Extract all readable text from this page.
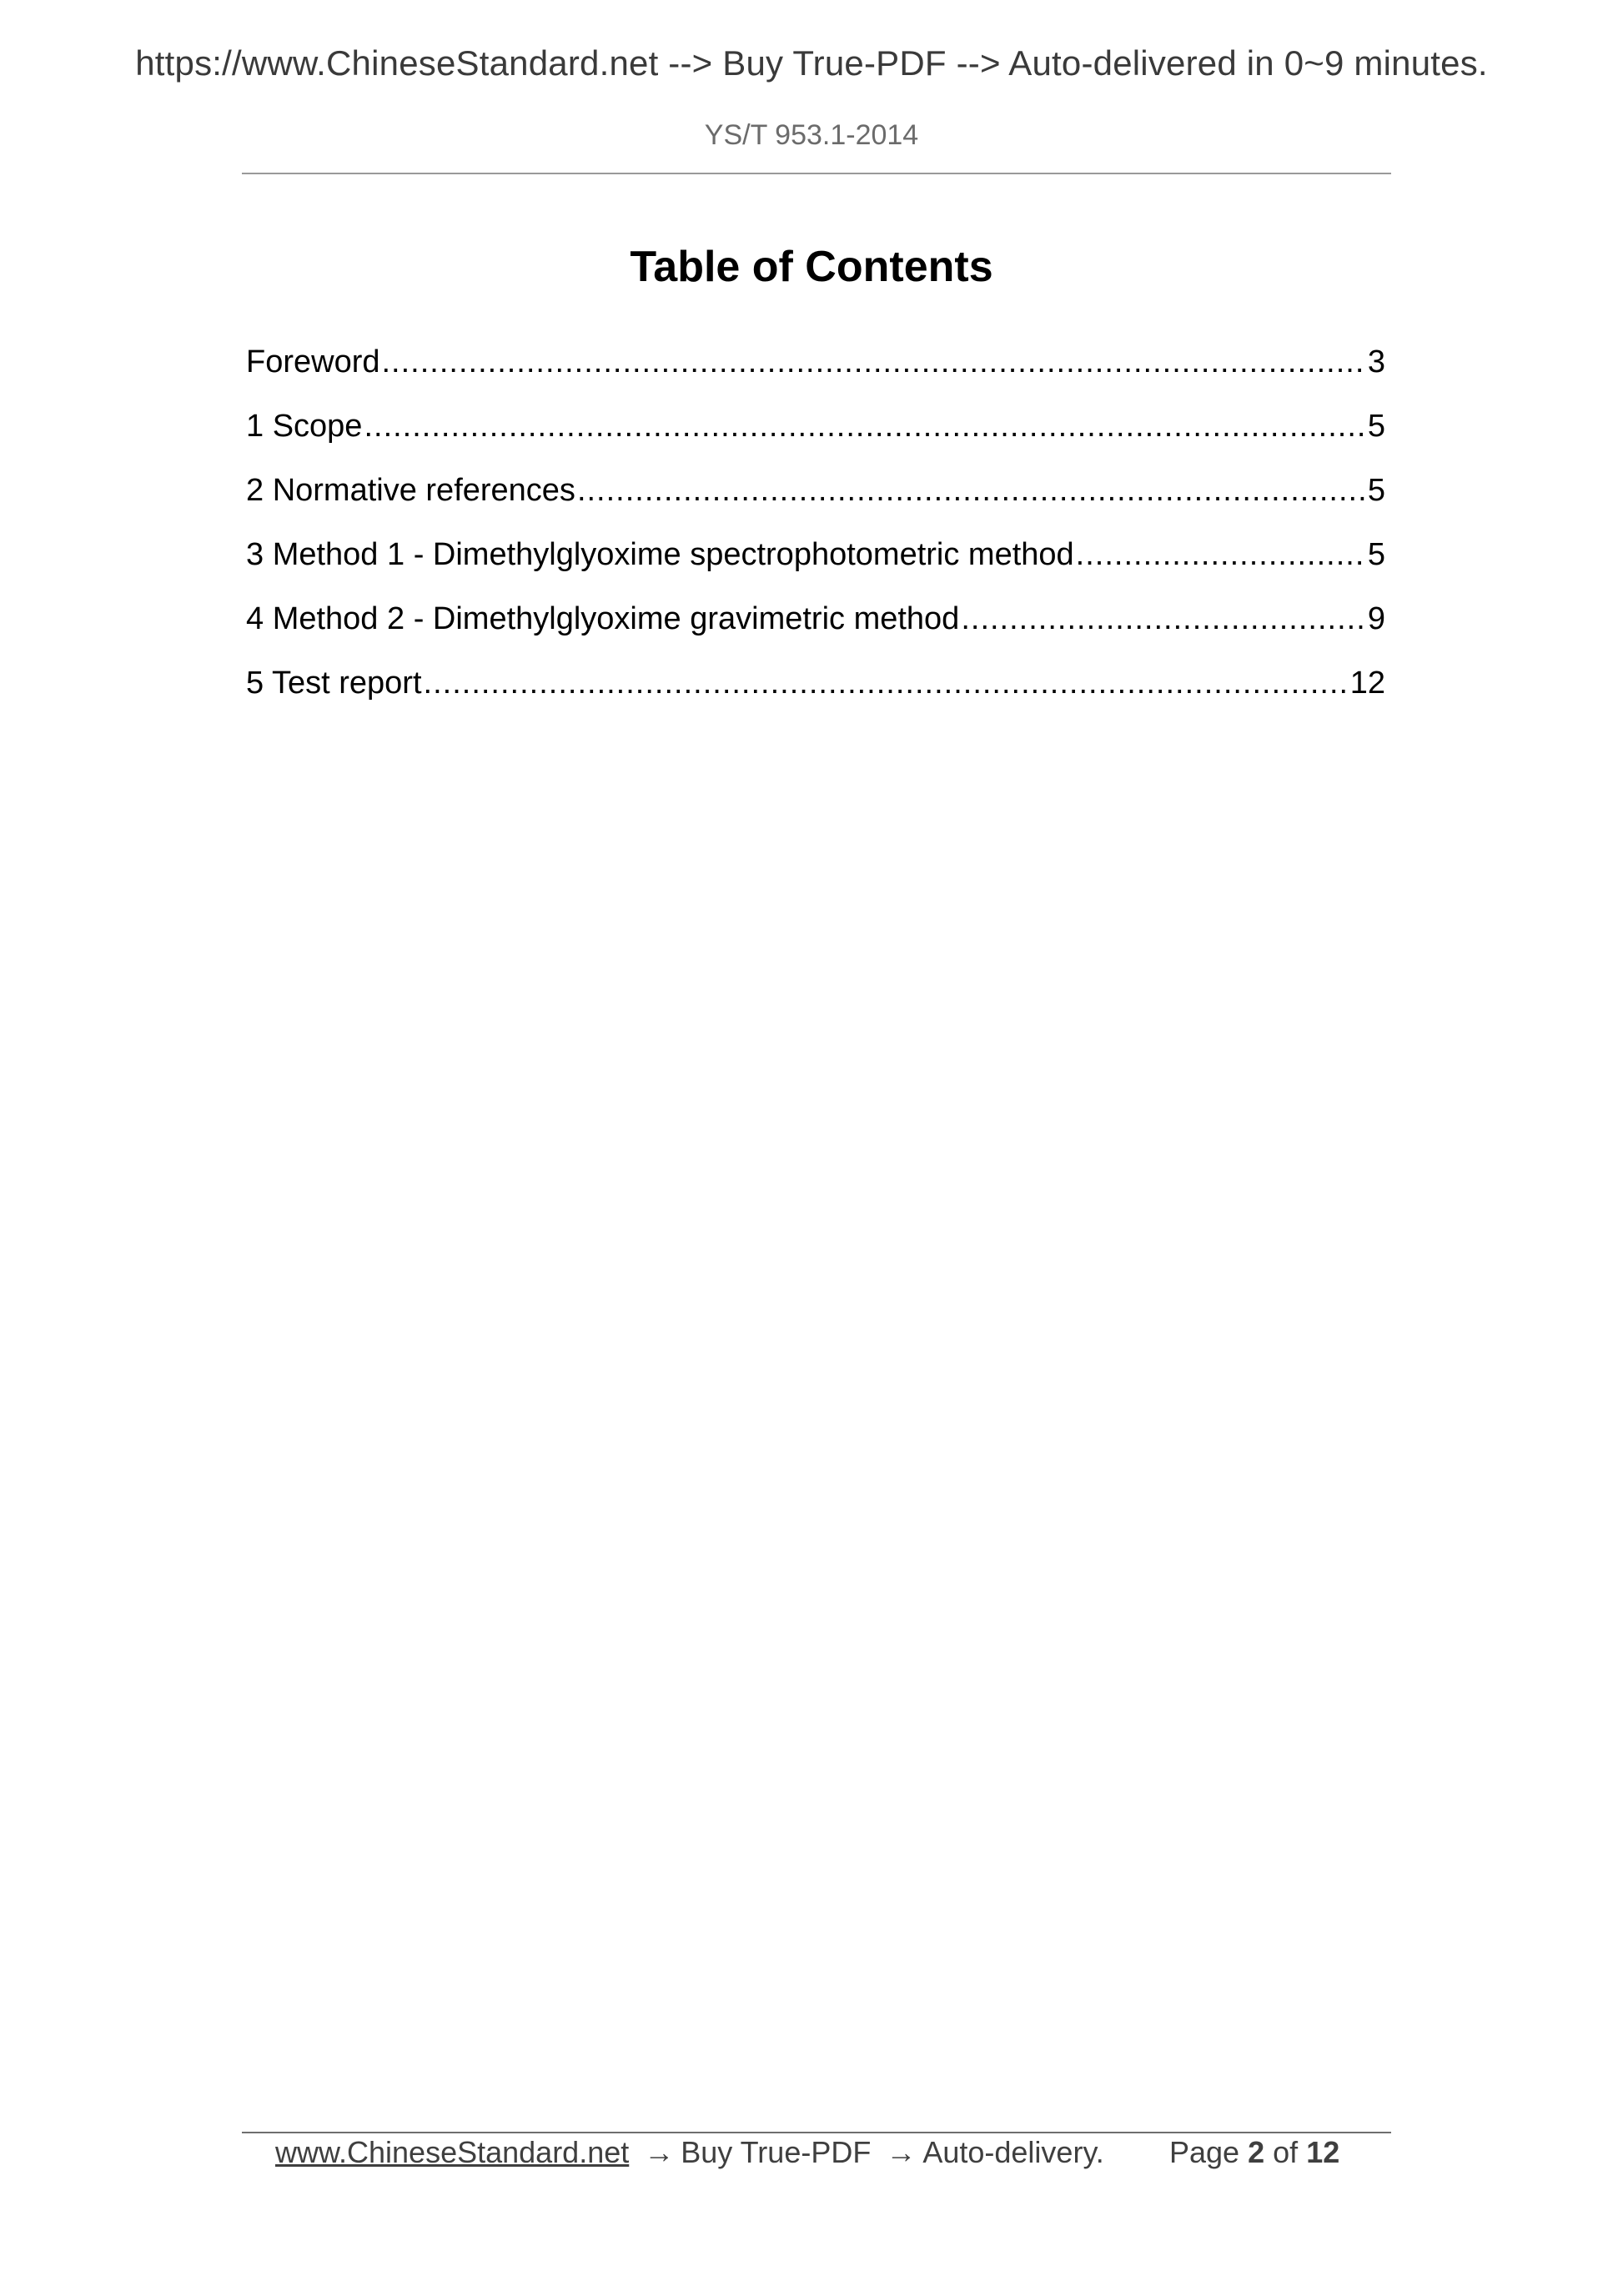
https://www.ChineseStandard.net --> Buy True-PDF --> Auto-delivered in 0~9 minutes.
YS/T 953.1-2014
Table of Contents
Foreword .....	3
1 Scope .....	5
2 Normative references .....	5
3 Method 1 - Dimethylglyoxime spectrophotometric method .....	5
4 Method 2 - Dimethylglyoxime gravimetric method .....	9
5 Test report .....	12
www.ChineseStandard.net → Buy True-PDF → Auto-delivery. Page 2 of 12
